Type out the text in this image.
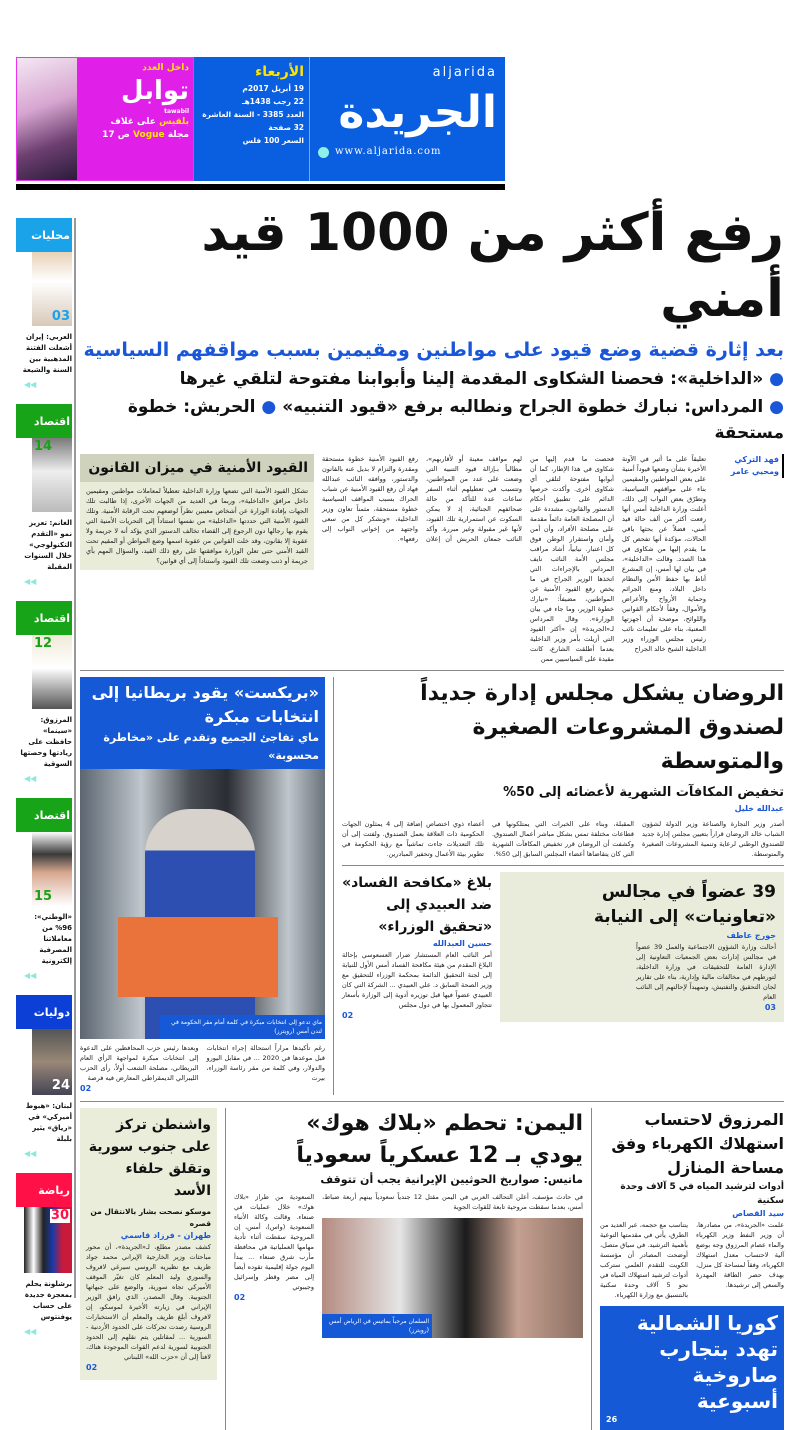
داخل العدد
توابل
tawabil
بلقيس على غلاف
مجلة Vogue ص 17
الأربعاء
19 أبريل 2017م
22 رجب 1438هـ
العدد 3385 - السنة العاشرة
32 صفحة
السعر 100 فلس
aljarida
الجريدة
www.aljarida.com
محليات
03
العربي: إيران أشعلت الفتنة المذهبية بين السنة والشيعة
◀◀
اقتصاد
14
الغانم: تعزيز نمو «التقدم التكنولوجي» خلال السنوات المقبلة
◀◀
اقتصاد
12
المرزوق: «سينما» حافظت على ريادتها وحصتها السوقية
◀◀
اقتصاد
15
«الوطني»: 96% من معاملاتنا المصرفية إلكترونية
◀◀
دوليات
24
لبنان: «هبوط أميركي» في «رياق» يثير بلبلة
◀◀
رياضة
30
برشلونة يحلم بمعجزة جديدة على حساب يوفنتوس
◀◀
رفع أكثر من 1000 قيد أمني
بعد إثارة قضية وضع قيود على مواطنين ومقيمين بسبب مواقفهم السياسية
● «الداخلية»: فحصنا الشكاوى المقدمة إلينا وأبوابنا مفتوحة لتلقي غيرها
● المرداس: نبارك خطوة الجراح ونطالبه برفع «قيود التنبيه» ● الحربش: خطوة مستحقة
فهد التركي ومحيي عامر
تعليقاً على ما أثير في الآونة الأخيرة بشأن وضعها قيوداً أمنية على بعض المواطنين والمقيمين بناء على مواقفهم السياسية، وتطرّق بعض النواب إلى ذلك، أعلنت وزارة الداخلية أمس أنها رفعت أكثر من ألف حالة قيد أمني، فضلاً عن بحثها باقي الحالات، مؤكدة أنها تفحص كل ما يقدم إليها من شكاوى في هذا الصدد. وقالت «الداخلية»، في بيان لها أمس، إن المشرع أناط بها حفظ الأمن والنظام داخل البلاد، ومنع الجرائم وحماية الأرواح والأعراض والأموال، وفقاً لأحكام القوانين واللوائح، موضحة أن أجهزتها المعنية، بناء على تعليمات نائب رئيس مجلس الوزراء وزير الداخلية الشيخ خالد الجراح
فحصت ما قدم إليها من شكاوى في هذا الإطار، كما أن أبوابها مفتوحة لتلقي أي شكاوى أخرى. وأكدت حرصها الدائم على تطبيق أحكام الدستور والقانون، مشددة على أن المصلحة العامة دائماً مقدمة على مصلحة الأفراد، وأن أمن وأمان واستقرار الوطن فوق كل اعتبار. نيابياً، أشاد مراقب مجلس الأمة النائب نايف المرداس بالإجراءات التي اتخذها الوزير الجراح في ما يخص رفع القيود الأمنية عن المواطنين، مضيفاً: «نبارك خطوة الوزير، وما جاء في بيان الوزارة». وقال المرداس لـ«الجريدة» إن «أكثر القيود التي أزيلت بأمر وزير الداخلية بعدما أطلقت الشارع، كانت مقيدة على السياسيين ممن
لهم مواقف معينة أو لأقاربهم»، مطالباً بـإزالة قيود التنبيه التي وضعت على عدد من المواطنين، وتتسبب في تعطيلهم أثناء السفر ساعات عدة للتأكد من حالة صحائفهم الجنائية، إذ لا يمكن السكوت عن استمرارية تلك القيود، لأنها غير مقبولة وغير مبررة. وأكد النائب جمعان الحربش أن إعلان رفع القيود الأمنية خطوة مستحقة ومقدرة والتزام لا بديل عنه بالقانون والدستور، ووافقه النائب عبدالله فهاد أن رفع القيود الأمنية عن شباب الحراك بسبب المواقف السياسية خطوة مستحقة، مثمناً تعاون وزير الداخلية، «ونشكر كل من سعى واجتهد من إخواني النواب إلى رفعها».
القيود الأمنية في ميزان القانون
تشكل القيود الأمنية التي تضعها وزارة الداخلية تعطيلاً لمعاملات مواطنين ومقيمين داخل مرافق «الداخلية»، وربما في العديد من الجهات الأخرى، إذا طالبت تلك الجهات بإفادة الوزارة عن أشخاص معينين نظراً لوضعهم تحت الرقابة الأمنية. وتلك القيود الأمنية التي حددتها «الداخلية» من نفسها استناداً إلى التحريات الأمنية التي يقوم بها رجالها دون الرجوع إلى القضاء تخالف الدستور الذي يؤكد أنه لا جريمة ولا عقوبة إلا بقانون، وقد خلت القوانين من عقوبة اسمها وضع المواطن أو المقيم تحت القيد الأمني حتى تعلن الوزارة موافقتها على رفع ذلك القيد، والسؤال المهم بأي جريمة أو ذنب وضعت تلك القيود واستناداً إلى أي قوانين؟
«بريكست» يقود بريطانيا إلى انتخابات مبكرة
ماي تفاجئ الجميع وتقدم على «مخاطرة محسوبة»
ماي تدعو إلى انتخابات مبكرة في كلمة أمام مقر الحكومة في لندن أمس (رويترز)
رغم تأكيدها مراراً استحالة إجراء انتخابات قبل موعدها في 2020 ... في مقابل اليورو والدولار، وفي كلمة من مقر رئاسة الوزراء، بيرت
وبعدها رئيس حزب المحافظين على الدعوة إلى انتخابات مبكرة لمواجهة الرأي العام البريطاني، مصلحة الشعب أولاً، رأى الحزب الليبرالي الديمقراطي المعارض فيه فرصة
02
الروضان يشكل مجلس إدارة جديداً
لصندوق المشروعات الصغيرة والمتوسطة
تخفيض المكافآت الشهرية لأعضائه إلى 50%
عبدالله خليل
أصدر وزير التجارة والصناعة وزير الدولة لشؤون الشباب خالد الروضان قراراً بتعيين مجلس إدارة جديد للصندوق الوطني لرعاية وتنمية المشروعات الصغيرة والمتوسطة.
المقبلة، وبناء على الخبرات التي يمتلكونها في قطاعات مختلفة تمس بشكل مباشر أعمال الصندوق. وكشفت أن الروضان قرر تخفيض المكافآت الشهرية التي كان يتقاضاها أعضاء المجلس السابق إلى 50%.
أعضاء ذوي اختصاص إضافة إلى 4 يمثلون الجهات الحكومية ذات العلاقة بعمل الصندوق. ولفتت إلى أن تلك التعديلات جاءت تماشياً مع رؤية الحكومة في تطوير بيئة الأعمال وتحفيز المبادرين.
39 عضواً في مجالس
«تعاونيات» إلى النيابة
جورج عاطف
أحالت وزارة الشؤون الاجتماعية والعمل 39 عضواً في مجالس إدارات بعض الجمعيات التعاونية إلى الإدارة العامة للتحقيقات في وزارة الداخلية، لتورطهم في مخالفات مالية وإدارية، بناء على تقارير لجان التحقيق والتفتيش، وتمهيداً لإحالتهم إلى النائب العام
03
بلاغ «مكافحة الفساد» ضد العبيدي إلى «تحقيق الوزراء»
حسين العبدالله
أمر النائب العام المستشار ضرار العسعوسي بإحالة البلاغ المقدم من هيئة مكافحة الفساد أمس الأول للنيابة إلى لجنة التحقيق الدائمة بمحكمة الوزراء للتحقيق مع وزير الصحة السابق د. علي العبيدي ... الشركة التي كان العبيدي عضواً فيها قبل توزيره أدوية إلى الوزارة بأسعار تتجاوز المعمول بها في دول مجلس
02
واشنطن تركز على جنوب سورية وتقلق حلفاء الأسد
موسكو نصحت بشار بالانتقال من قصره
طهران - فرزاد قاسمي
كشف مصدر مطلع، لـ«الجريدة»، أن محور مباحثات وزير الخارجية الإيراني محمد جواد ظريف مع نظيريه الروسي سيرغي لافروف والسوري وليد المعلم كان تغيّر الموقف الأميركي تجاه سورية، والوضع على جبهاتها الجنوبية. وقال المصدر، الذي رافق الوزير الإيراني في زيارته الأخيرة لموسكو، إن لافروف أبلغ ظريف والمعلم أن الاستخبارات الروسية رصدت تحركات على الحدود الأردنية - السورية ... لمقاتلين يتم نقلهم إلى الحدود الجنوبية لسورية لدعم القوات الموجودة هناك، لافتاً إلى أن «حزب الله» اللبناني
02
اليمن: تحطم «بلاك هوك»
يودي بـ 12 عسكرياً سعودياً
ماتيس: صواريخ الحوثيين الإيرانية يجب أن تتوقف
السعودية من طراز «بلاك هوك» خلال عمليات في صنعاء. وقالت وكالة الأنباء السعودية (واس)، أمس، إن المروحية سقطت أثناء تأدية مهامها العملياتية في محافظة مأرب شرق صنعاء ... يبدأ اليوم جولة إقليمية تقوده أيضاً إلى مصر وقطر وإسرائيل وجيبوتي
02
في حادث مؤسف، أعلن التحالف العربي في اليمن مقتل 12 جندياً سعودياً بينهم أربعة ضباط، أمس، بعدما سقطت مروحية تابعة للقوات الجوية
السلمان مرحباً بماتيس في الرياض أمس (رويترز)
المرزوق لاحتساب استهلاك الكهرباء وفق مساحة المنازل
أدوات لترشيد المياه في 5 آلاف وحدة سكنية
سيد القصاص
علمت «الجريدة»، من مصادرها، أن وزير النفط وزير الكهرباء والماء عصام المرزوق وجه بوضع آلية لاحتساب معدل استهلاك الكهرباء، وفقاً لمساحة كل منزل، بهدف حصر الطاقة المهدرة والسعي إلى ترشيدها.
يتناسب مع حجمه، عبر العديد من الطرق، يأتي في مقدمتها التوعية بأهمية الترشيد. في سياق متصل، أوضحت المصادر أن مؤسسة الكويت للتقدم العلمي ستركب أدوات لترشيد استهلاك المياه في نحو 5 آلاف وحدة سكنية بالتنسيق مع وزارة الكهرباء.
كوريا الشمالية تهدد بتجارب صاروخية أسبوعية
26
